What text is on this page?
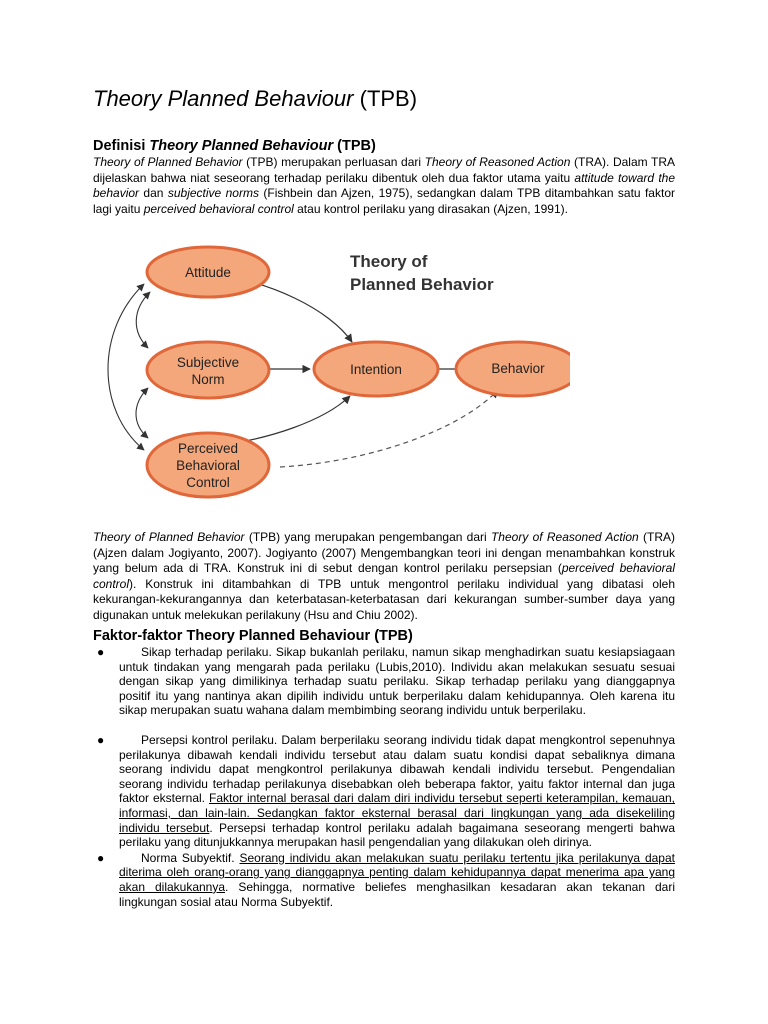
Theory Planned Behaviour (TPB)
Definisi Theory Planned Behaviour (TPB)
Theory of Planned Behavior (TPB) merupakan perluasan dari Theory of Reasoned Action (TRA). Dalam TRA dijelaskan bahwa niat seseorang terhadap perilaku dibentuk oleh dua faktor utama yaitu attitude toward the behavior dan subjective norms (Fishbein dan Ajzen, 1975), sedangkan dalam TPB ditambahkan satu faktor lagi yaitu perceived behavioral control atau kontrol perilaku yang dirasakan (Ajzen, 1991).
Theory of Planned Behavior (TPB) yang merupakan pengembangan dari Theory of Reasoned Action (TRA) (Ajzen dalam Jogiyanto, 2007). Jogiyanto (2007) Mengembangkan teori ini dengan menambahkan konstruk yang belum ada di TRA. Konstruk ini di sebut dengan kontrol perilaku persepsian (perceived behavioral control). Konstruk ini ditambahkan di TPB untuk mengontrol perilaku individual yang dibatasi oleh kekurangan-kekurangannya dan keterbatasan-keterbatasan dari kekurangan sumber-sumber daya yang digunakan untuk melekukan perilakuny (Hsu and Chiu 2002).
Faktor-faktor Theory Planned Behaviour (TPB)
●	Sikap terhadap perilaku. Sikap bukanlah perilaku, namun sikap menghadirkan suatu kesiapsiagaan untuk tindakan yang mengarah pada perilaku (Lubis,2010). Individu akan melakukan sesuatu sesuai dengan sikap yang dimilikinya terhadap suatu perilaku. Sikap terhadap perilaku yang dianggapnya positif itu yang nantinya akan dipilih individu untuk berperilaku dalam kehidupannya. Oleh karena itu sikap merupakan suatu wahana dalam membimbing seorang individu untuk berperilaku.
●	Persepsi kontrol perilaku. Dalam berperilaku seorang individu tidak dapat mengkontrol sepenuhnya perilakunya dibawah kendali individu tersebut atau dalam suatu kondisi dapat sebaliknya dimana seorang individu dapat mengkontrol perilakunya dibawah kendali individu tersebut. Pengendalian seorang individu terhadap perilakunya disebabkan oleh beberapa faktor, yaitu faktor internal dan juga faktor eksternal. Faktor internal berasal dari dalam diri individu tersebut seperti keterampilan, kemauan, informasi, dan lain-lain. Sedangkan faktor eksternal berasal dari lingkungan yang ada disekeliling individu tersebut. Persepsi terhadap kontrol perilaku adalah bagaimana seseorang mengerti bahwa perilaku yang ditunjukkannya merupakan hasil pengendalian yang dilakukan oleh dirinya.
●	Norma Subyektif. Seorang individu akan melakukan suatu perilaku tertentu jika perilakunya dapat diterima oleh orang-orang yang dianggapnya penting dalam kehidupannya dapat menerima apa yang akan dilakukannya. Sehingga, normative beliefes menghasilkan kesadaran akan tekanan dari lingkungan sosial atau Norma Subyektif.
Theory of
Planned Behavior
Attitude
Subjective
Norm
Perceived
Behavioral
Control
Intention	Behavior
